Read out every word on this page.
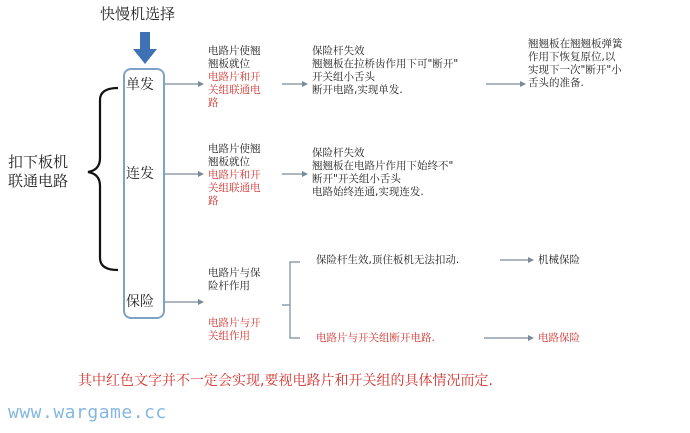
快慢机选择
扣下板机
联通电路
单发
连发
保险
电路片使翘
翘板就位
电路片和开
关组联通电
路
保险杆失效
翘翘板在拉桥齿作用下可"断开"
开关组小舌头
断开电路,实现单发.
翘翘板在翘翘板弹簧
作用下恢复原位,以
实现下一次"断开"小
舌头的准备.
电路片使翘
翘板就位
电路片和开
关组联通电
路
保险杆失效
翘翘板在电路片作用下始终不"
断开"开关组小舌头
电路始终连通,实现连发.
电路片与保
险杆作用
电路片与开
关组作用
保险杆生效,顶住板机无法扣动.	机械保险
电路片与开关组断开电路.	电路保险
其中红色文字并不一定会实现,要视电路片和开关组的具体情况而定.
www.wargame.cc
